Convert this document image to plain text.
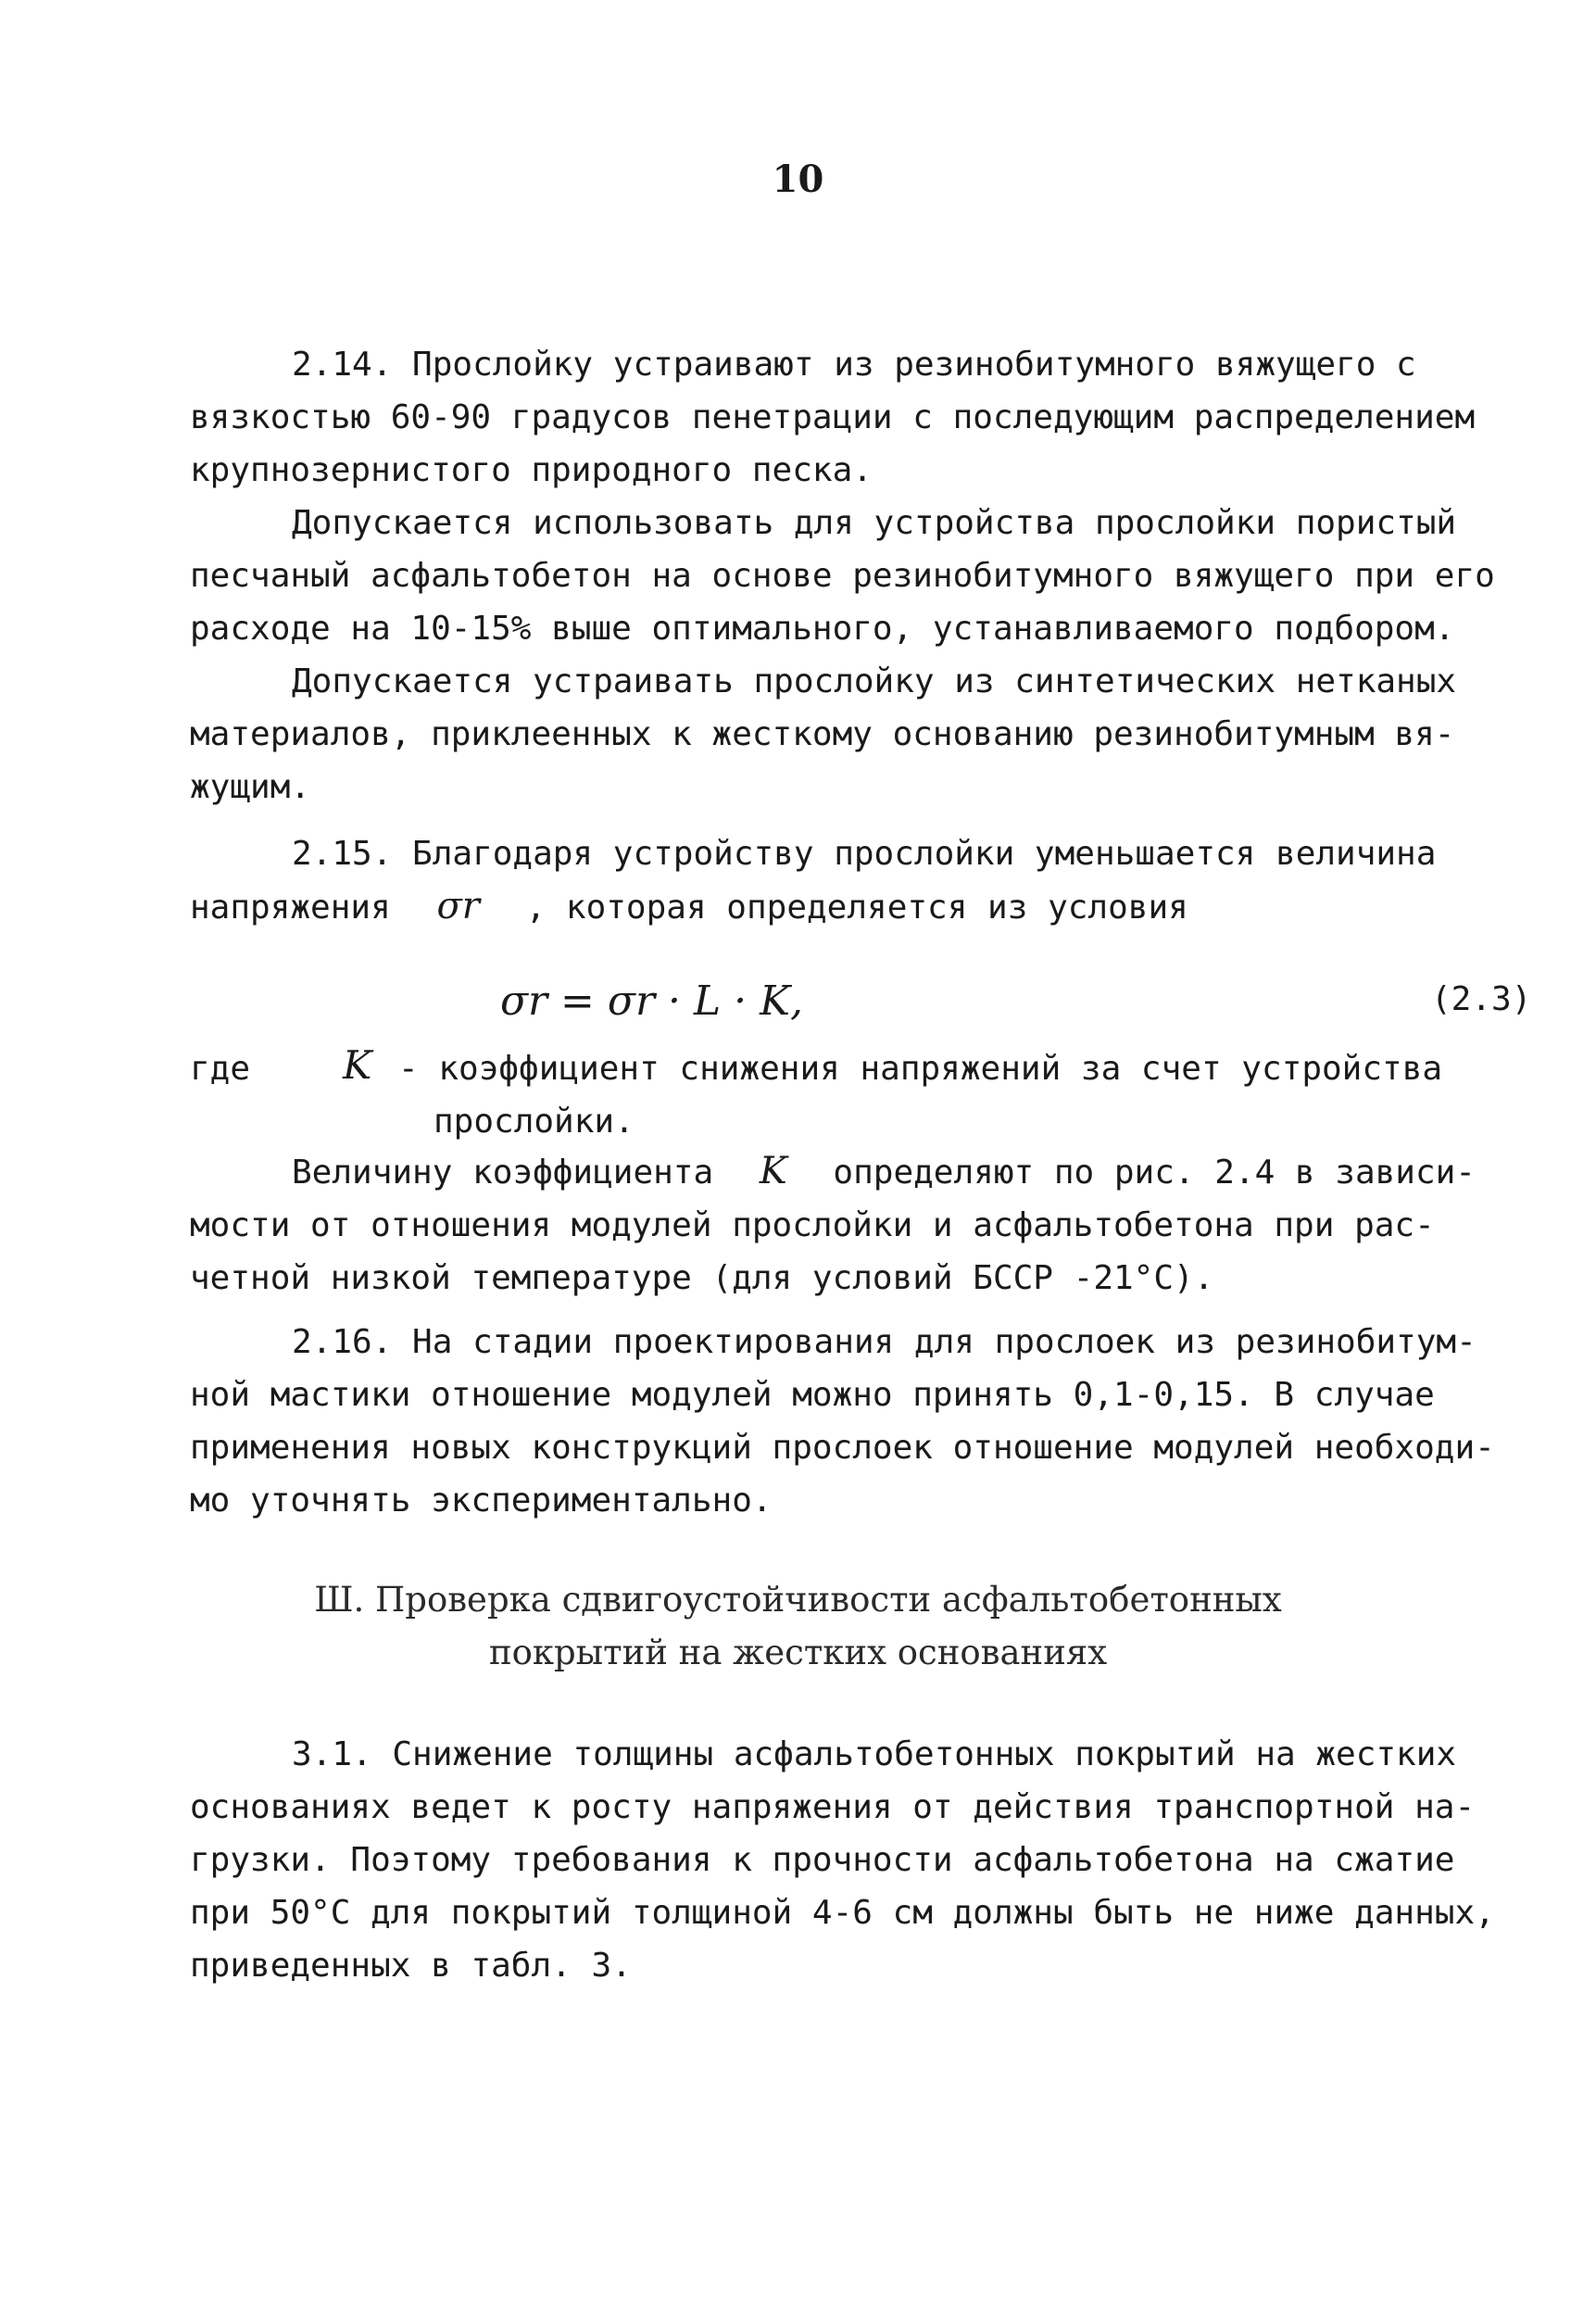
10
2.14. Прослойку устраивают из резинобитумного вяжущего с
вязкостью 60-90 градусов пенетрации с последующим распределением
крупнозернистого природного песка.
Допускается использовать для устройства прослойки пористый
песчаный асфальтобетон на основе резинобитумного вяжущего при его
расходе на 10-15% выше оптимального, устанавливаемого подбором.
Допускается устраивать прослойку из синтетических нетканых
материалов, приклеенных к жесткому основанию резинобитумным вя-
жущим.
2.15. Благодаря устройству прослойки уменьшается величина
напряжения σr , которая определяется из условия
σr = σr · L · K,	(2.3)
где K - коэффициент снижения напряжений за счет устройства
прослойки.
Величину коэффициента K определяют по рис. 2.4 в зависи-
мости от отношения модулей прослойки и асфальтобетона при рас-
четной низкой температуре (для условий БССР -21°С).
2.16. На стадии проектирования для прослоек из резинобитум-
ной мастики отношение модулей можно принять 0,1-0,15. В случае
применения новых конструкций прослоек отношение модулей необходи-
мо уточнять экспериментально.
Ш. Проверка сдвигоустойчивости асфальтобетонных
покрытий на жестких основаниях
3.1. Снижение толщины асфальтобетонных покрытий на жестких
основаниях ведет к росту напряжения от действия транспортной на-
грузки. Поэтому требования к прочности асфальтобетона на сжатие
при 50°С для покрытий толщиной 4-6 см должны быть не ниже данных,
приведенных в табл. 3.
